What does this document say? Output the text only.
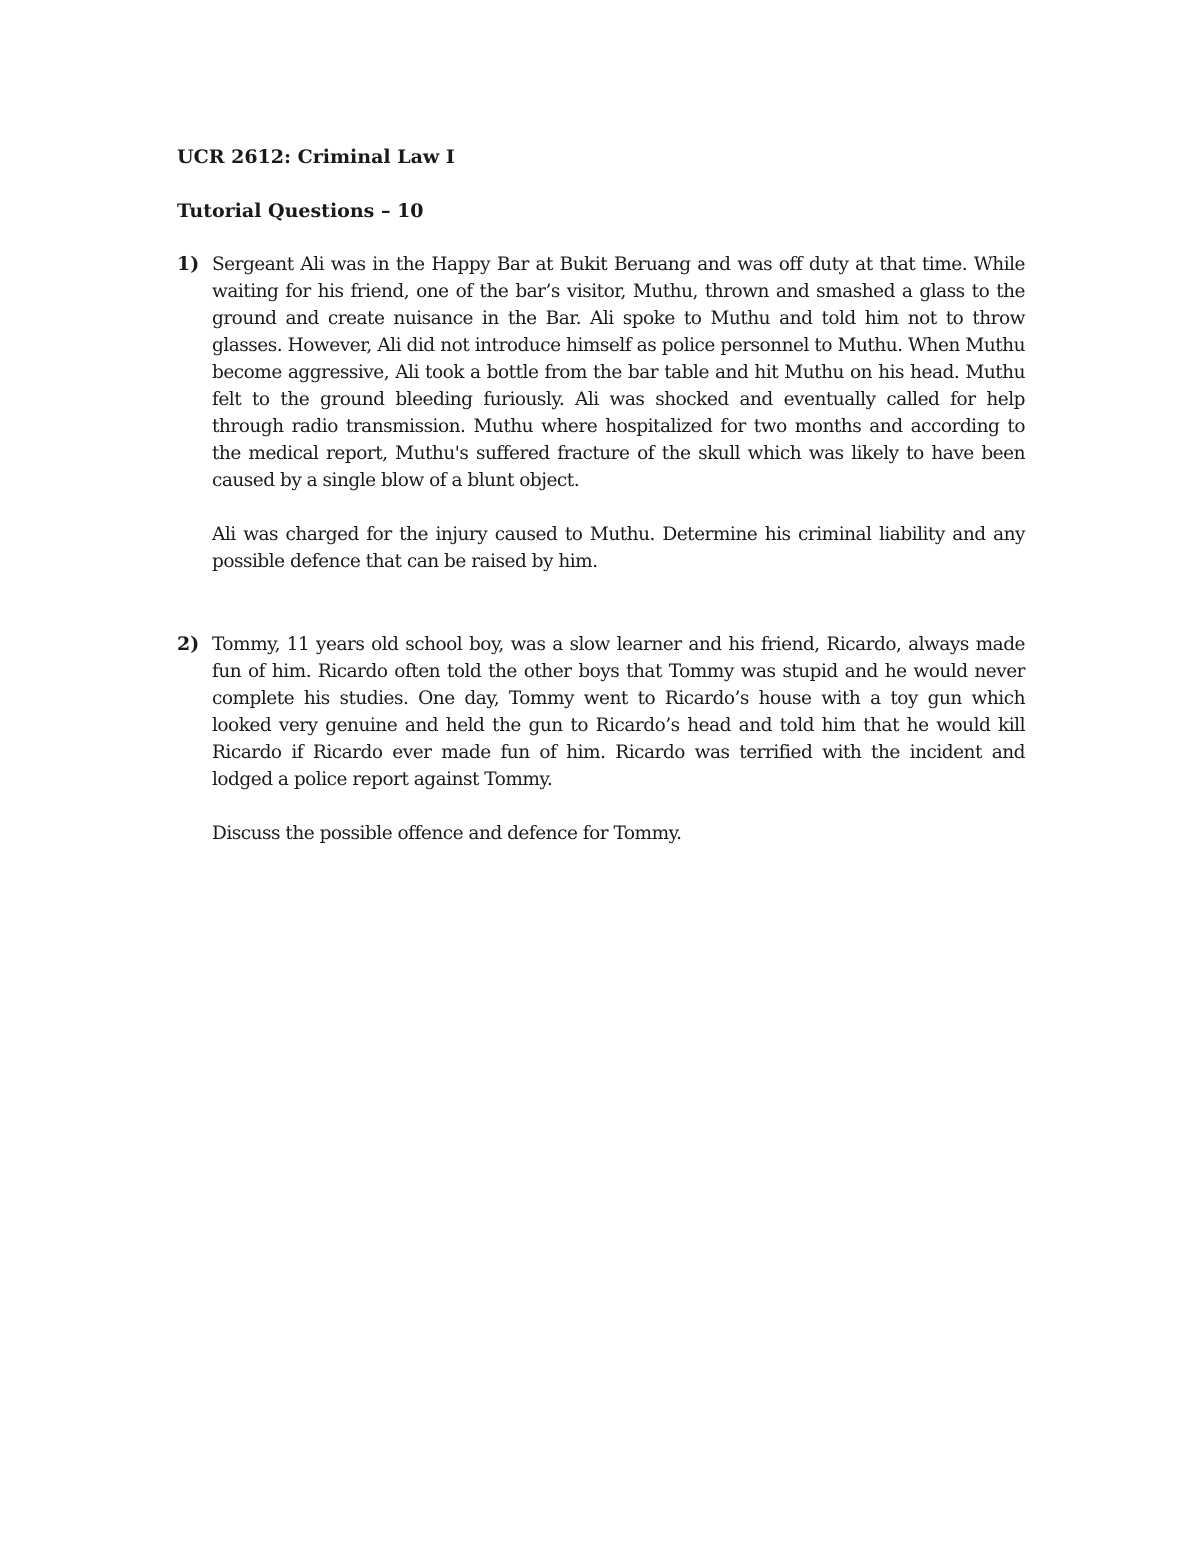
UCR 2612: Criminal Law I
Tutorial Questions – 10
1) Sergeant Ali was in the Happy Bar at Bukit Beruang and was off duty at that time. While waiting for his friend, one of the bar’s visitor, Muthu, thrown and smashed a glass to the ground and create nuisance in the Bar. Ali spoke to Muthu and told him not to throw glasses. However, Ali did not introduce himself as police personnel to Muthu. When Muthu become aggressive, Ali took a bottle from the bar table and hit Muthu on his head. Muthu felt to the ground bleeding furiously. Ali was shocked and eventually called for help through radio transmission. Muthu where hospitalized for two months and according to the medical report, Muthu's suffered fracture of the skull which was likely to have been caused by a single blow of a blunt object.

Ali was charged for the injury caused to Muthu. Determine his criminal liability and any possible defence that can be raised by him.

2) Tommy, 11 years old school boy, was a slow learner and his friend, Ricardo, always made fun of him. Ricardo often told the other boys that Tommy was stupid and he would never complete his studies. One day, Tommy went to Ricardo’s house with a toy gun which looked very genuine and held the gun to Ricardo’s head and told him that he would kill Ricardo if Ricardo ever made fun of him. Ricardo was terrified with the incident and lodged a police report against Tommy.

Discuss the possible offence and defence for Tommy.
